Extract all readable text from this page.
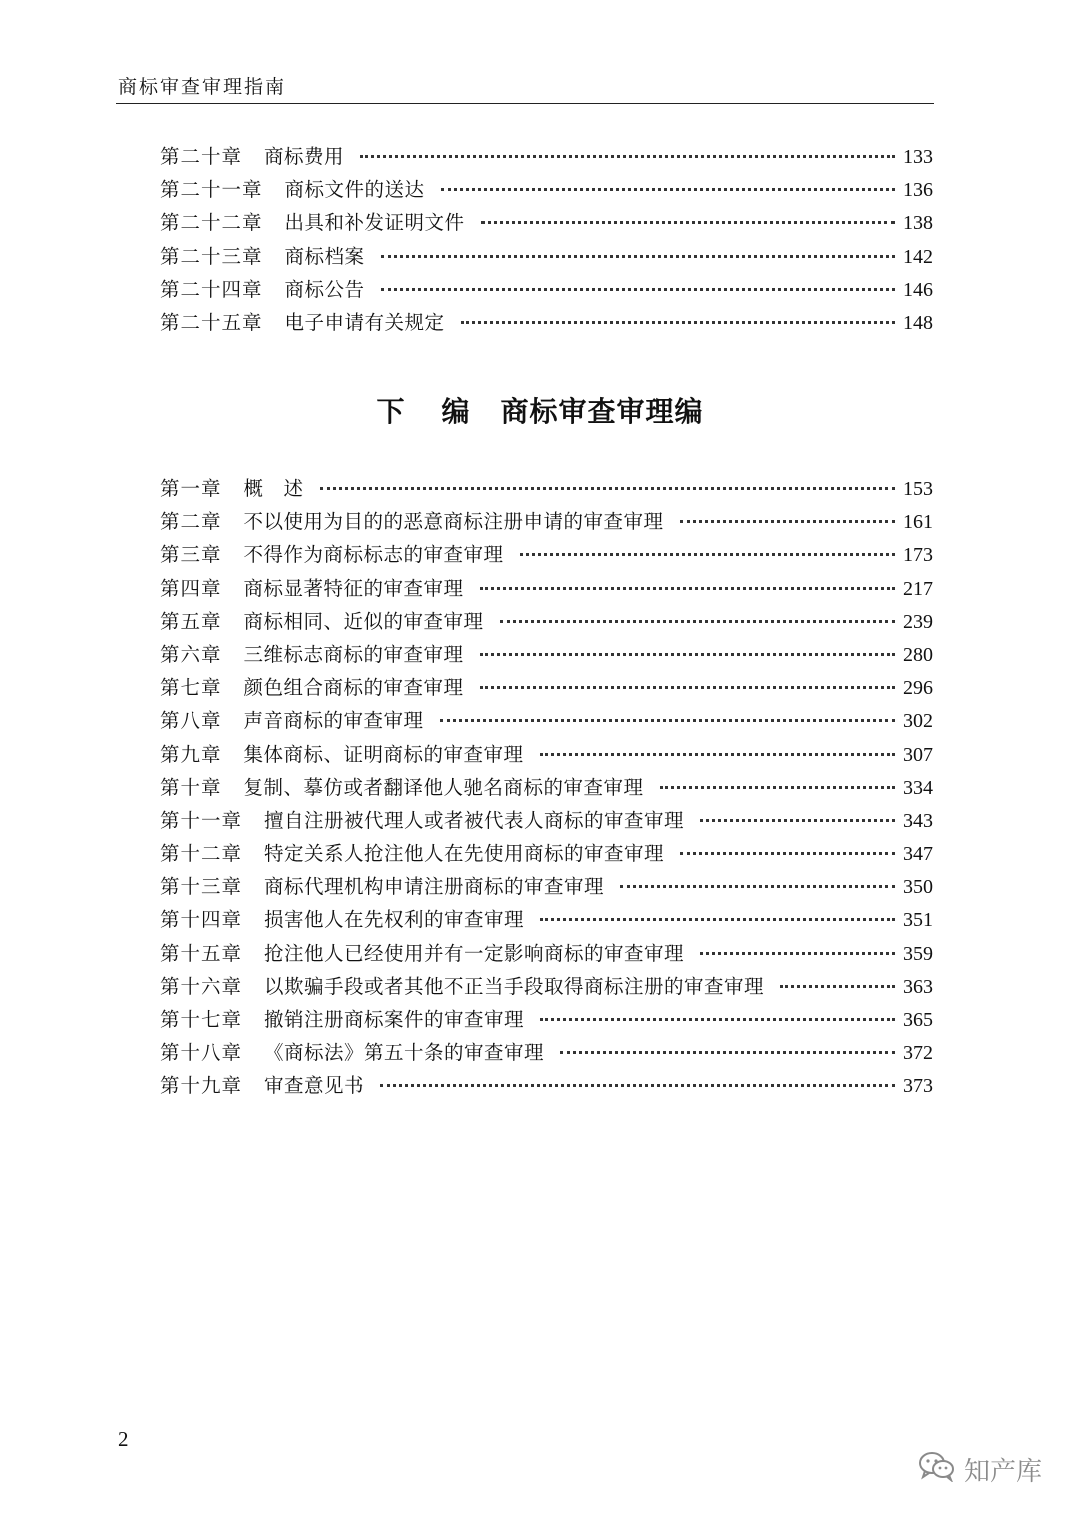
商标审查审理指南
第二十章 商标费用	133
第二十一章 商标文件的送达	136
第二十二章 出具和补发证明文件	138
第二十三章 商标档案	142
第二十四章 商标公告	146
第二十五章 电子申请有关规定	148
下 编 商标审查审理编
第一章 概　述	153
第二章 不以使用为目的的恶意商标注册申请的审查审理	161
第三章 不得作为商标标志的审查审理	173
第四章 商标显著特征的审查审理	217
第五章 商标相同、近似的审查审理	239
第六章 三维标志商标的审查审理	280
第七章 颜色组合商标的审查审理	296
第八章 声音商标的审查审理	302
第九章 集体商标、证明商标的审查审理	307
第十章 复制、摹仿或者翻译他人驰名商标的审查审理	334
第十一章 擅自注册被代理人或者被代表人商标的审查审理	343
第十二章 特定关系人抢注他人在先使用商标的审查审理	347
第十三章 商标代理机构申请注册商标的审查审理	350
第十四章 损害他人在先权利的审查审理	351
第十五章 抢注他人已经使用并有一定影响商标的审查审理	359
第十六章 以欺骗手段或者其他不正当手段取得商标注册的审查审理	363
第十七章 撤销注册商标案件的审查审理	365
第十八章 《商标法》第五十条的审查审理	372
第十九章 审查意见书	373
2
知产库
